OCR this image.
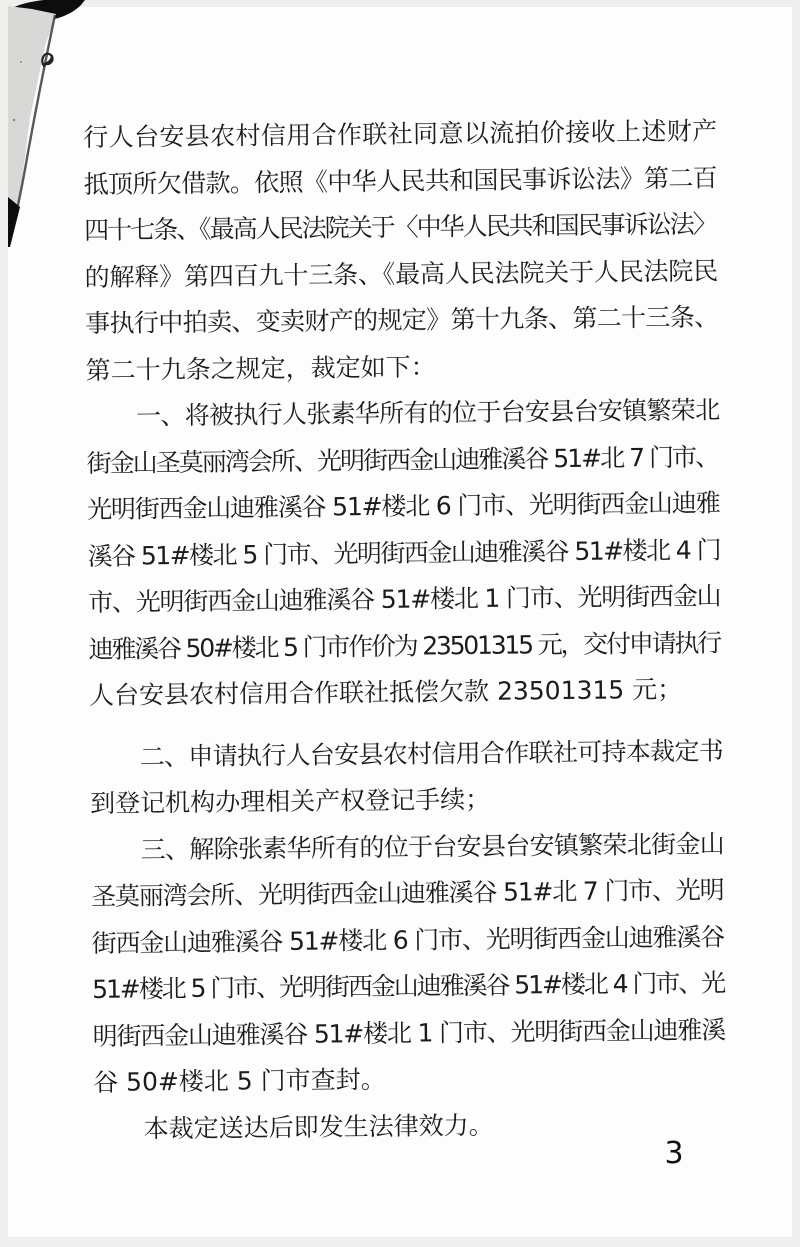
行人台安县农村信用合作联社同意以流拍价接收上述财产
抵顶所欠借款。依照《中华人民共和国民事诉讼法》第二百
四十七条、《最高人民法院关于〈中华人民共和国民事诉讼法〉
的解释》第四百九十三条、《最高人民法院关于人民法院民
事执行中拍卖、变卖财产的规定》第十九条、第二十三条、
第二十九条之规定，裁定如下：
一、将被执行人张素华所有的位于台安县台安镇繁荣北
街金山圣莫丽湾会所、光明街西金山迪雅溪谷 51#北 7 门市、
光明街西金山迪雅溪谷 51#楼北 6 门市、光明街西金山迪雅
溪谷 51#楼北 5 门市、光明街西金山迪雅溪谷 51#楼北 4 门
市、光明街西金山迪雅溪谷 51#楼北 1 门市、光明街西金山
迪雅溪谷 50#楼北 5 门市作价为 23501315 元，交付申请执行
人台安县农村信用合作联社抵偿欠款 23501315 元；
二、申请执行人台安县农村信用合作联社可持本裁定书
到登记机构办理相关产权登记手续；
三、解除张素华所有的位于台安县台安镇繁荣北街金山
圣莫丽湾会所、光明街西金山迪雅溪谷 51#北 7 门市、光明
街西金山迪雅溪谷 51#楼北 6 门市、光明街西金山迪雅溪谷
51#楼北 5 门市、光明街西金山迪雅溪谷 51#楼北 4 门市、光
明街西金山迪雅溪谷 51#楼北 1 门市、光明街西金山迪雅溪
谷 50#楼北 5 门市查封。
本裁定送达后即发生法律效力。
3
